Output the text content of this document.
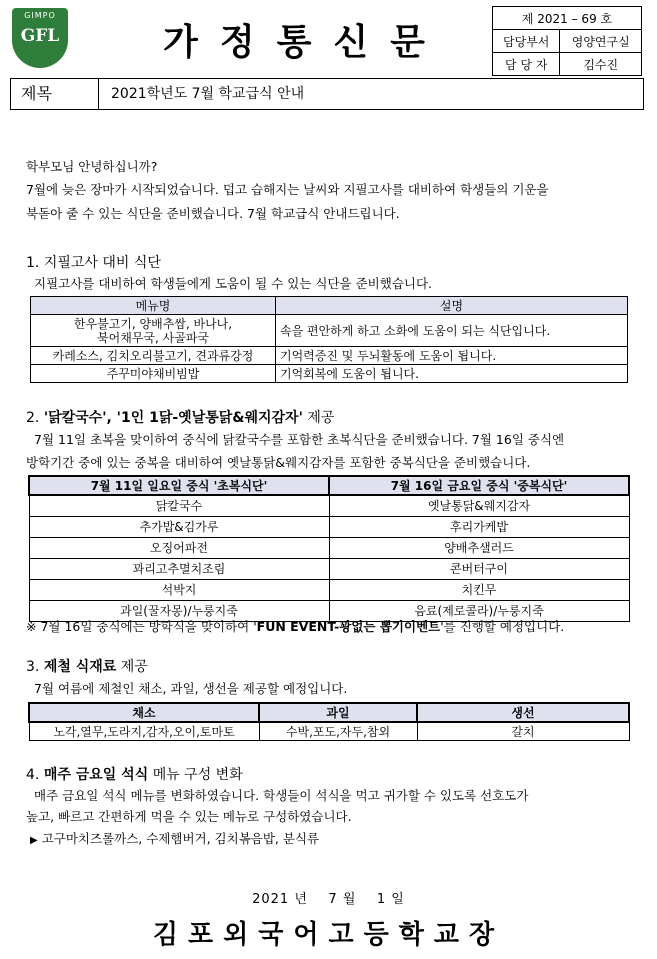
GIMPO
GFL	가정통신문
제 2021 – 69 호	
담당부서	영양연구실
담 당 자	김수진
제목	2021학년도 7월 학교급식 안내
학부모님 안녕하십니까?
7월에 늦은 장마가 시작되었습니다. 덥고 습해지는 날씨와 지필고사를 대비하여 학생들의 기운을
북돋아 줄 수 있는 식단을 준비했습니다. 7월 학교급식 안내드립니다.
1. 지필고사 대비 식단
지필고사를 대비하여 학생들에게 도움이 될 수 있는 식단을 준비했습니다.
메뉴명	설명
한우불고기, 양배추쌈, 바나나,
북어채무국, 사골파국	속을 편안하게 하고 소화에 도움이 되는 식단입니다.
카레소스, 김치오리불고기, 견과류강정	기억력증진 및 두뇌활동에 도움이 됩니다.
주꾸미야채비빔밥	기억회복에 도움이 됩니다.
2. '닭칼국수', '1인 1닭-옛날통닭&웨지감자' 제공
7월 11일 초복을 맞이하여 중식에 닭칼국수를 포함한 초복식단을 준비했습니다. 7월 16일 중식엔
방학기간 중에 있는 중복을 대비하여 옛날통닭&웨지감자를 포함한 중복식단을 준비했습니다.
7월 11일 일요일 중식 '초복식단'	7월 16일 금요일 중식 '중복식단'
닭칼국수	옛날통닭&웨지감자
추가밥&김가루	후리가케밥
오징어파전	양배추샐러드
꽈리고추멸치조림	콘버터구이
석박지	치킨무
과일(꿀자몽)/누룽지죽	음료(제로콜라)/누룽지죽
※ 7월 16일 중식에는 방학식을 맞이하여 'FUN EVENT-꽝없는 뽑기이벤트'를 진행할 예정입니다.
3. 제철 식재료 제공
7월 여름에 제철인 채소, 과일, 생선을 제공할 예정입니다.
채소	과일	생선
노각,열무,도라지,감자,오이,토마토	수박,포도,자두,참외	갈치
4. 매주 금요일 석식 메뉴 구성 변화
매주 금요일 석식 메뉴를 변화하였습니다. 학생들이 석식을 먹고 귀가할 수 있도록 선호도가
높고, 빠르고 간편하게 먹을 수 있는 메뉴로 구성하였습니다.
▶ 고구마치즈롤까스, 수제햄버거, 김치볶음밥, 분식류
2021 년    7 월    1 일
김포외국어고등학교장
